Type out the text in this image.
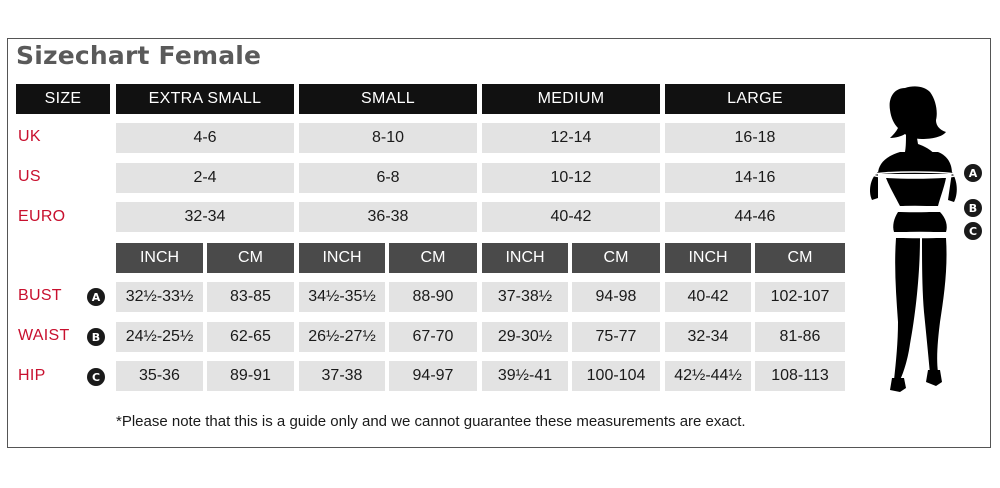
Sizechart Female
SIZE	EXTRA SMALL	SMALL	MEDIUM	LARGE
UK	4-6	8-10	12-14	16-18
US	2-4	6-8	10-12	14-16
EURO	32-34	36-38	40-42	44-46
INCH	CM	INCH	CM	INCH	CM	INCH	CM
BUST	A	32½-33½	83-85	34½-35½	88-90	37-38½	94-98	40-42	102-107
WAIST	B	24½-25½	62-65	26½-27½	67-70	29-30½	75-77	32-34	81-86
HIP	C	35-36	89-91	37-38	94-97	39½-41	100-104	42½-44½	108-113
*Please note that this is a guide only and we cannot guarantee these measurements are exact.
A
B
C
